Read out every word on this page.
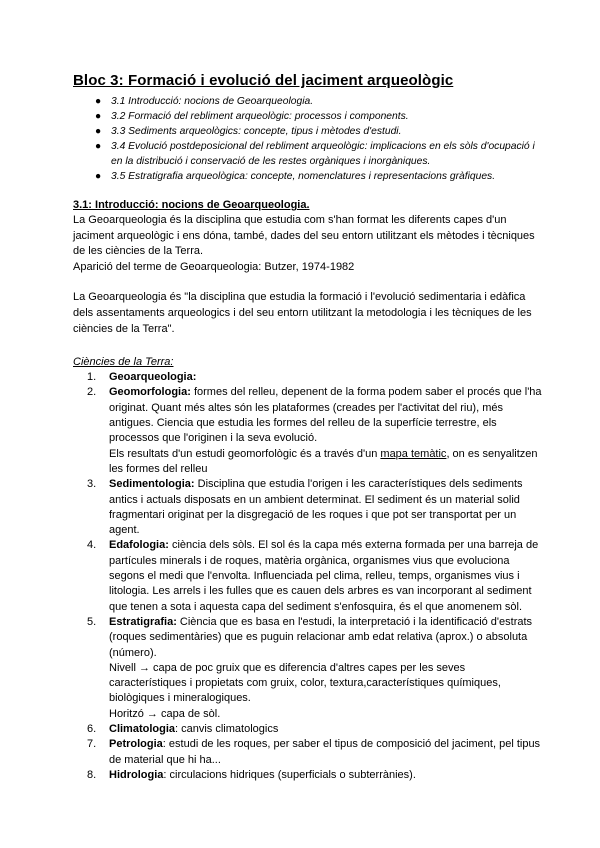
Bloc 3: Formació i evolució del jaciment arqueològic
● 3.1 Introducció: nocions de Geoarqueologia.
● 3.2 Formació del rebliment arqueològic: processos i components.
● 3.3 Sediments arqueològics: concepte, tipus i mètodes d'estudi.
● 3.4 Evolució postdeposicional del rebliment arqueològic: implicacions en els sòls d'ocupació i en la distribució i conservació de les restes orgàniques i inorgàniques.
● 3.5 Estratigrafia arqueològica: concepte, nomenclatures i representacions gràfiques.
3.1: Introducció: nocions de Geoarqueologia.

La Geoarqueologia és la disciplina que estudia com s'han format les diferents capes d'un jaciment arqueològic i ens dóna, també, dades del seu entorn utilitzant els mètodes i tècniques de les ciències de la Terra.

Aparició del terme de Geoarqueologia: Butzer, 1974-1982

La Geoarqueologia és "la disciplina que estudia la formació i l'evolució sedimentaria i edàfica dels assentaments arqueologics i del seu entorn utilitzant la metodologia i les tècniques de les ciències de la Terra".

Ciències de la Terra:
1. Geoarqueologia:
2. Geomorfologia: formes del relleu, depenent de la forma podem saber el procés que l'ha originat. Quant més altes són les plataformes (creades per l'activitat del riu), més antigues. Ciencia que estudia les formes del relleu de la superfície terrestre, els processos que l'originen i la seva evolució.
Els resultats d'un estudi geomorfològic és a través d'un mapa temàtic, on es senyalitzen les formes del relleu
3. Sedimentologia: Disciplina que estudia l'origen i les característiques dels sediments antics i actuals disposats en un ambient determinat. El sediment és un material solid fragmentari originat per la disgregació de les roques i que pot ser transportat per un agent.
4. Edafologia: ciència dels sòls. El sol és la capa més externa formada per una barreja de partícules minerals i de roques, matèria orgànica, organismes vius que evoluciona segons el medi que l'envolta. Influenciada pel clima, relleu, temps, organismes vius i litologia. Les arrels i les fulles que es cauen dels arbres es van incorporant al sediment que tenen a sota i aquesta capa del sediment s'enfosquira, és el que anomenem sòl.
5. Estratigrafia: Ciència que es basa en l'estudi, la interpretació i la identificació d'estrats (roques sedimentàries) que es puguin relacionar amb edat relativa (aprox.) o absoluta (número).
Nivell → capa de poc gruix que es diferencia d'altres capes per les seves característiques i propietats com gruix, color, textura,característiques químiques, biològiques i mineralogiques.
Horitzó → capa de sòl.
6. Climatologia: canvis climatologics
7. Petrologia: estudi de les roques, per saber el tipus de composició del jaciment, pel tipus de material que hi ha...
8. Hidrologia: circulacions hidriques (superficials o subterrànies).
